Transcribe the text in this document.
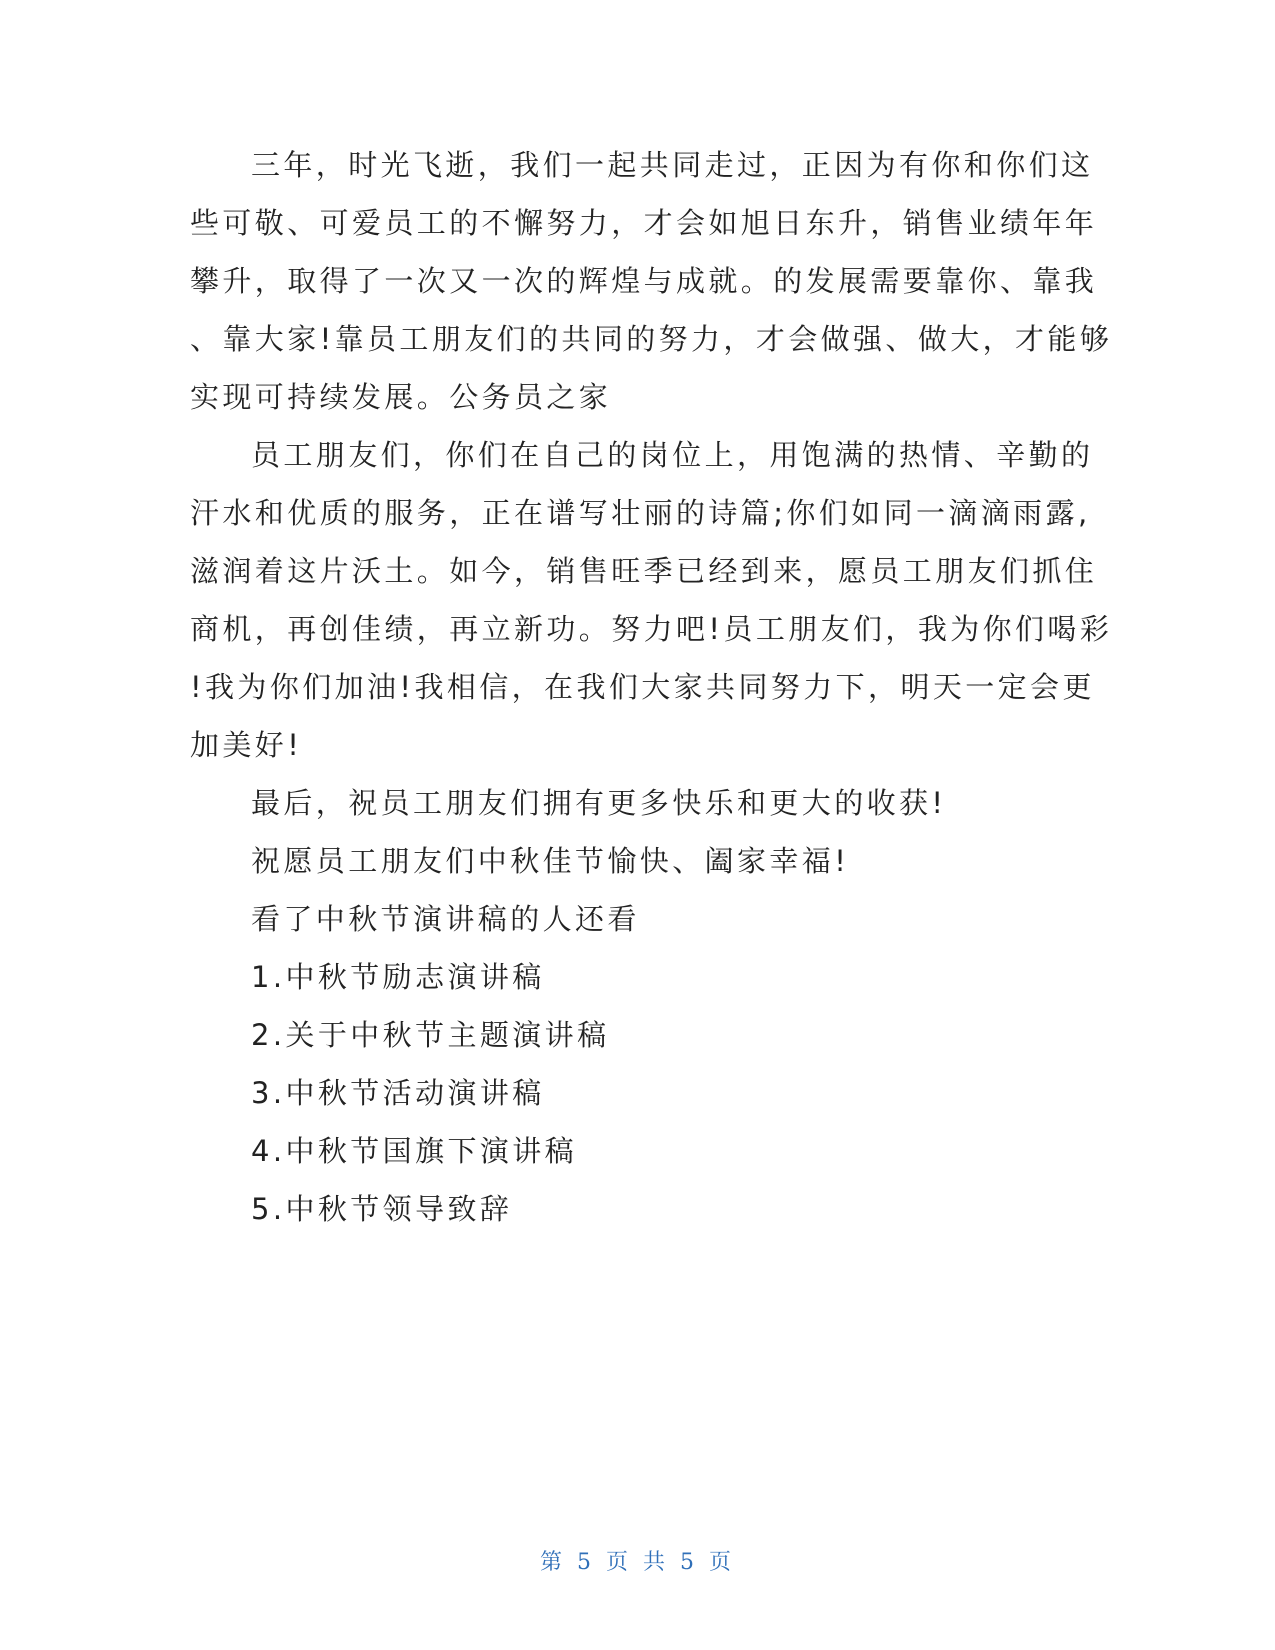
三年，时光飞逝，我们一起共同走过，正因为有你和你们这
些可敬、可爱员工的不懈努力，才会如旭日东升，销售业绩年年
攀升，取得了一次又一次的辉煌与成就。的发展需要靠你、靠我
、靠大家!靠员工朋友们的共同的努力，才会做强、做大，才能够
实现可持续发展。公务员之家
员工朋友们，你们在自己的岗位上，用饱满的热情、辛勤的
汗水和优质的服务，正在谱写壮丽的诗篇;你们如同一滴滴雨露,
滋润着这片沃土。如今，销售旺季已经到来，愿员工朋友们抓住
商机，再创佳绩，再立新功。努力吧!员工朋友们，我为你们喝彩
!我为你们加油!我相信，在我们大家共同努力下，明天一定会更
加美好!
最后，祝员工朋友们拥有更多快乐和更大的收获!
祝愿员工朋友们中秋佳节愉快、阖家幸福!
看了中秋节演讲稿的人还看
1.中秋节励志演讲稿
2.关于中秋节主题演讲稿
3.中秋节活动演讲稿
4.中秋节国旗下演讲稿
5.中秋节领导致辞
第 5 页 共 5 页
